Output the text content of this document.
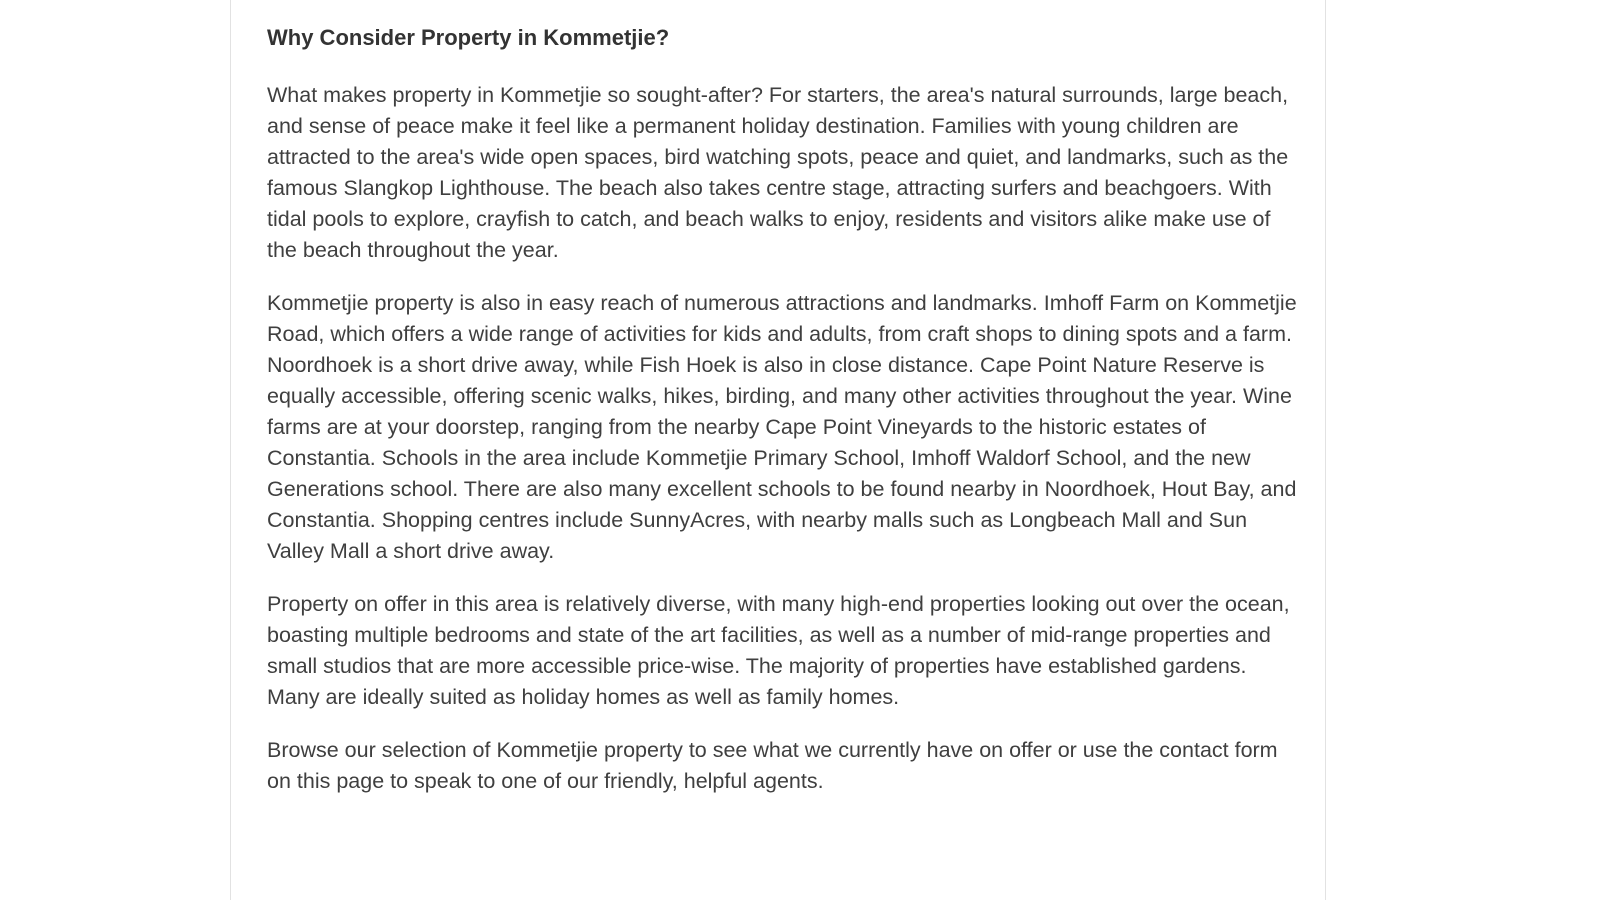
Why Consider Property in Kommetjie?

What makes property in Kommetjie so sought-after? For starters, the area's natural surrounds, large beach, and sense of peace make it feel like a permanent holiday destination. Families with young children are attracted to the area's wide open spaces, bird watching spots, peace and quiet, and landmarks, such as the famous Slangkop Lighthouse. The beach also takes centre stage, attracting surfers and beachgoers. With tidal pools to explore, crayfish to catch, and beach walks to enjoy, residents and visitors alike make use of the beach throughout the year.

Kommetjie property is also in easy reach of numerous attractions and landmarks. Imhoff Farm on Kommetjie Road, which offers a wide range of activities for kids and adults, from craft shops to dining spots and a farm. Noordhoek is a short drive away, while Fish Hoek is also in close distance. Cape Point Nature Reserve is equally accessible, offering scenic walks, hikes, birding, and many other activities throughout the year. Wine farms are at your doorstep, ranging from the nearby Cape Point Vineyards to the historic estates of Constantia. Schools in the area include Kommetjie Primary School, Imhoff Waldorf School, and the new Generations school. There are also many excellent schools to be found nearby in Noordhoek, Hout Bay, and Constantia. Shopping centres include SunnyAcres, with nearby malls such as Longbeach Mall and Sun Valley Mall a short drive away.

Property on offer in this area is relatively diverse, with many high-end properties looking out over the ocean, boasting multiple bedrooms and state of the art facilities, as well as a number of mid-range properties and small studios that are more accessible price-wise. The majority of properties have established gardens. Many are ideally suited as holiday homes as well as family homes.

Browse our selection of Kommetjie property to see what we currently have on offer or use the contact form on this page to speak to one of our friendly, helpful agents.
